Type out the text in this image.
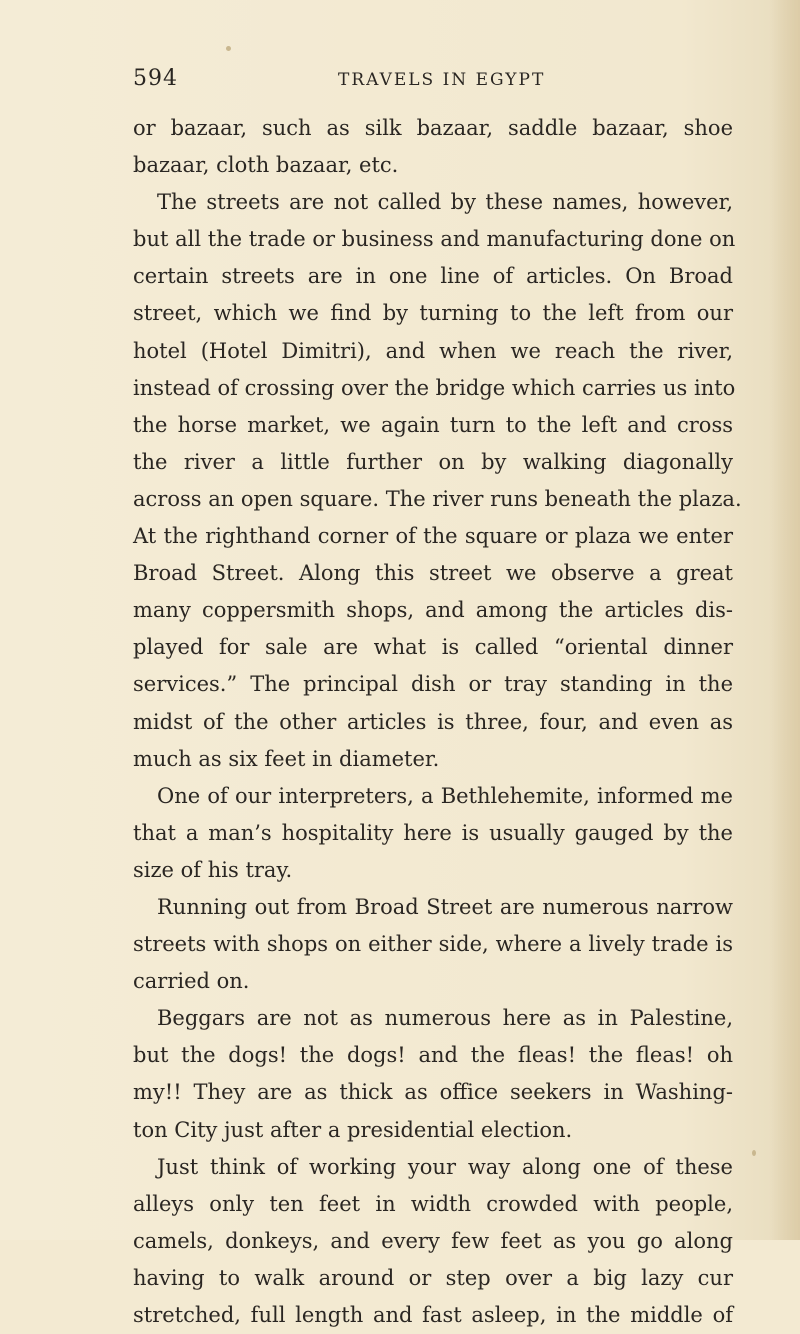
594	TRAVELS IN EGYPT
or bazaar, such as silk bazaar, saddle bazaar, shoe
bazaar, cloth bazaar, etc.
The streets are not called by these names, however,
but all the trade or business and manufacturing done on
certain streets are in one line of articles. On Broad
street, which we find by turning to the left from our
hotel (Hotel Dimitri), and when we reach the river,
instead of crossing over the bridge which carries us into
the horse market, we again turn to the left and cross
the river a little further on by walking diagonally
across an open square. The river runs beneath the plaza.
At the righthand corner of the square or plaza we enter
Broad Street. Along this street we observe a great
many coppersmith shops, and among the articles dis-
played for sale are what is called “oriental dinner
services.” The principal dish or tray standing in the
midst of the other articles is three, four, and even as
much as six feet in diameter.
One of our interpreters, a Bethlehemite, informed me
that a man’s hospitality here is usually gauged by the
size of his tray.
Running out from Broad Street are numerous narrow
streets with shops on either side, where a lively trade is
carried on.
Beggars are not as numerous here as in Palestine,
but the dogs! the dogs! and the fleas! the fleas! oh
my!! They are as thick as office seekers in Washing-
ton City just after a presidential election.
Just think of working your way along one of these
alleys only ten feet in width crowded with people,
camels, donkeys, and every few feet as you go along
having to walk around or step over a big lazy cur
stretched, full length and fast asleep, in the middle of
